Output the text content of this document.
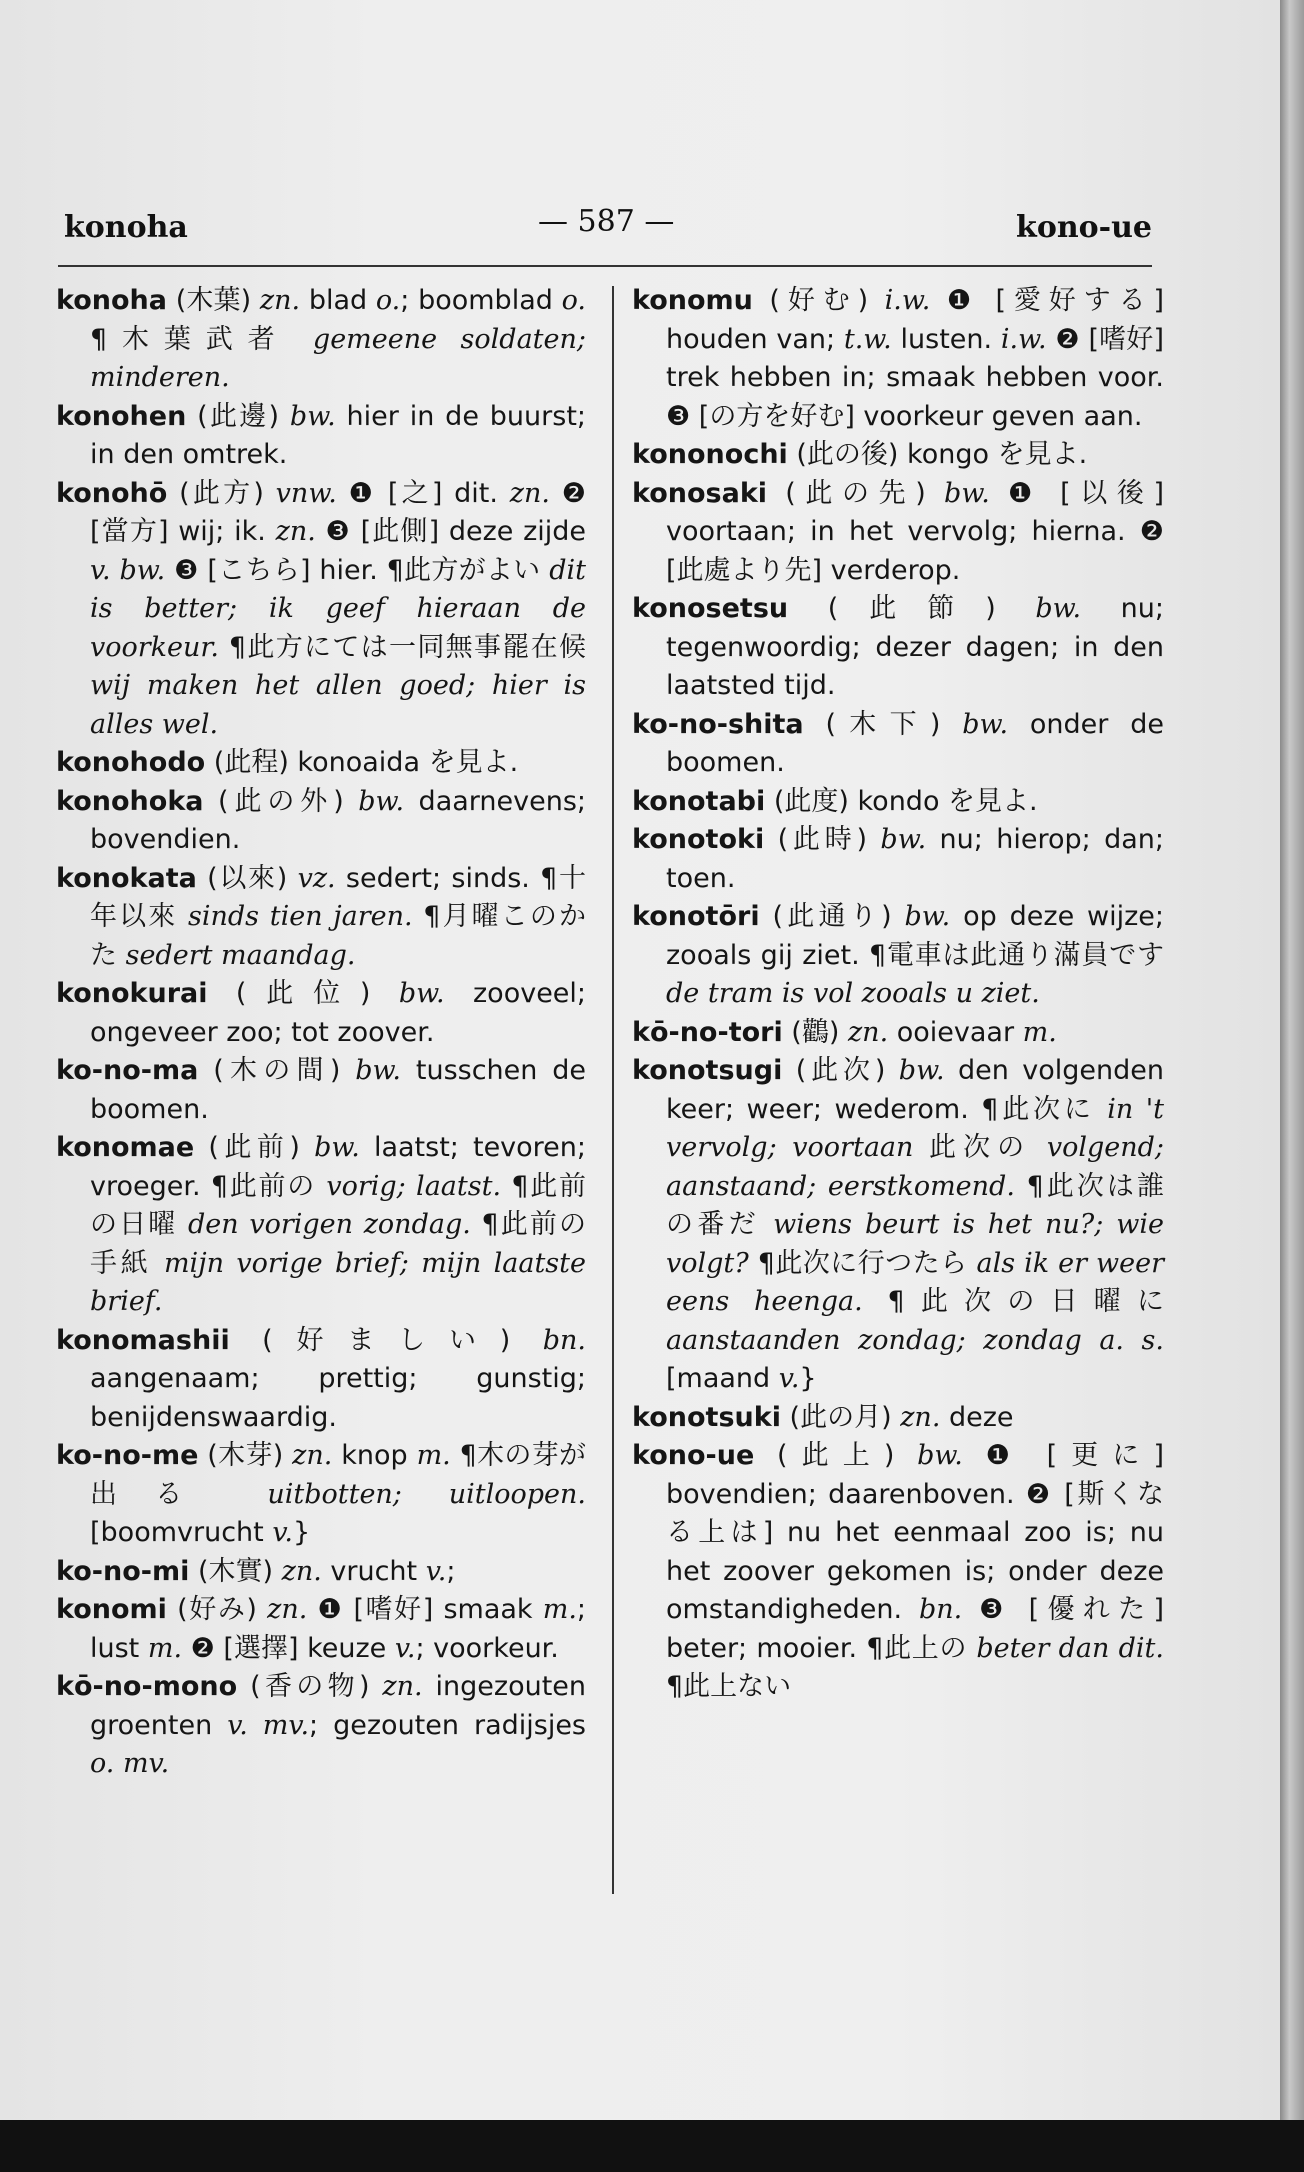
konoha	— 587 —	kono-ue

konoha (木葉) zn. blad o.; boomblad o. ¶木葉武者 gemeene soldaten; minderen.

konohen (此邊) bw. hier in de buurst; in den omtrek.

konohō (此方) vnw. ❶ [之] dit. zn. ❷ [當方] wij; ik. zn. ❸ [此側] deze zijde v. bw. ❸ [こちら] hier. ¶此方がよい dit is better; ik geef hieraan de voorkeur. ¶此方にては一同無事罷在候 wij maken het allen goed; hier is alles wel.

konohodo (此程) konoaida を見よ.

konohoka (此の外) bw. daarnevens; bovendien.

konokata (以來) vz. sedert; sinds. ¶十年以來 sinds tien jaren. ¶月曜このかた sedert maandag.

konokurai (此位) bw. zooveel; ongeveer zoo; tot zoover.

ko-no-ma (木の間) bw. tusschen de boomen.

konomae (此前) bw. laatst; tevoren; vroeger. ¶此前の vorig; laatst. ¶此前の日曜 den vorigen zondag. ¶此前の手紙 mijn vorige brief; mijn laatste brief.

konomashii (好ましい) bn. aangenaam; prettig; gunstig; benijdenswaardig.

ko-no-me (木芽) zn. knop m. ¶木の芽が出る uitbotten; uitloopen. [boomvrucht v.}

ko-no-mi (木實) zn. vrucht v.;

konomi (好み) zn. ❶ [嗜好] smaak m.; lust m. ❷ [選擇] keuze v.; voorkeur.

kō-no-mono (香の物) zn. ingezouten groenten v. mv.; gezouten radijsjes o. mv.

konomu (好む) i.w. ❶ [愛好する] houden van; t.w. lusten. i.w. ❷ [嗜好] trek hebben in; smaak hebben voor. ❸ [の方を好む] voorkeur geven aan.

kononochi (此の後) kongo を見よ.

konosaki (此の先) bw. ❶ [以後] voortaan; in het vervolg; hierna. ❷ [此處より先] verderop.

konosetsu (此節) bw. nu; tegenwoordig; dezer dagen; in den laatsted tijd.

ko-no-shita (木下) bw. onder de boomen.

konotabi (此度) kondo を見よ.

konotoki (此時) bw. nu; hierop; dan; toen.

konotōri (此通り) bw. op deze wijze; zooals gij ziet. ¶電車は此通り滿員です de tram is vol zooals u ziet.

kō-no-tori (鸛) zn. ooievaar m.

konotsugi (此次) bw. den volgenden keer; weer; wederom. ¶此次に in 't vervolg; voortaan 此次の volgend; aanstaand; eerstkomend. ¶此次は誰の番だ wiens beurt is het nu?; wie volgt? ¶此次に行つたら als ik er weer eens heenga. ¶此次の日曜に aanstaanden zondag; zondag a. s. [maand v.}

konotsuki (此の月) zn. deze

kono-ue (此上) bw. ❶ [更に] bovendien; daarenboven. ❷ [斯くなる上は] nu het eenmaal zoo is; nu het zoover gekomen is; onder deze omstandigheden. bn. ❸ [優れた] beter; mooier. ¶此上の beter dan dit. ¶此上ない
